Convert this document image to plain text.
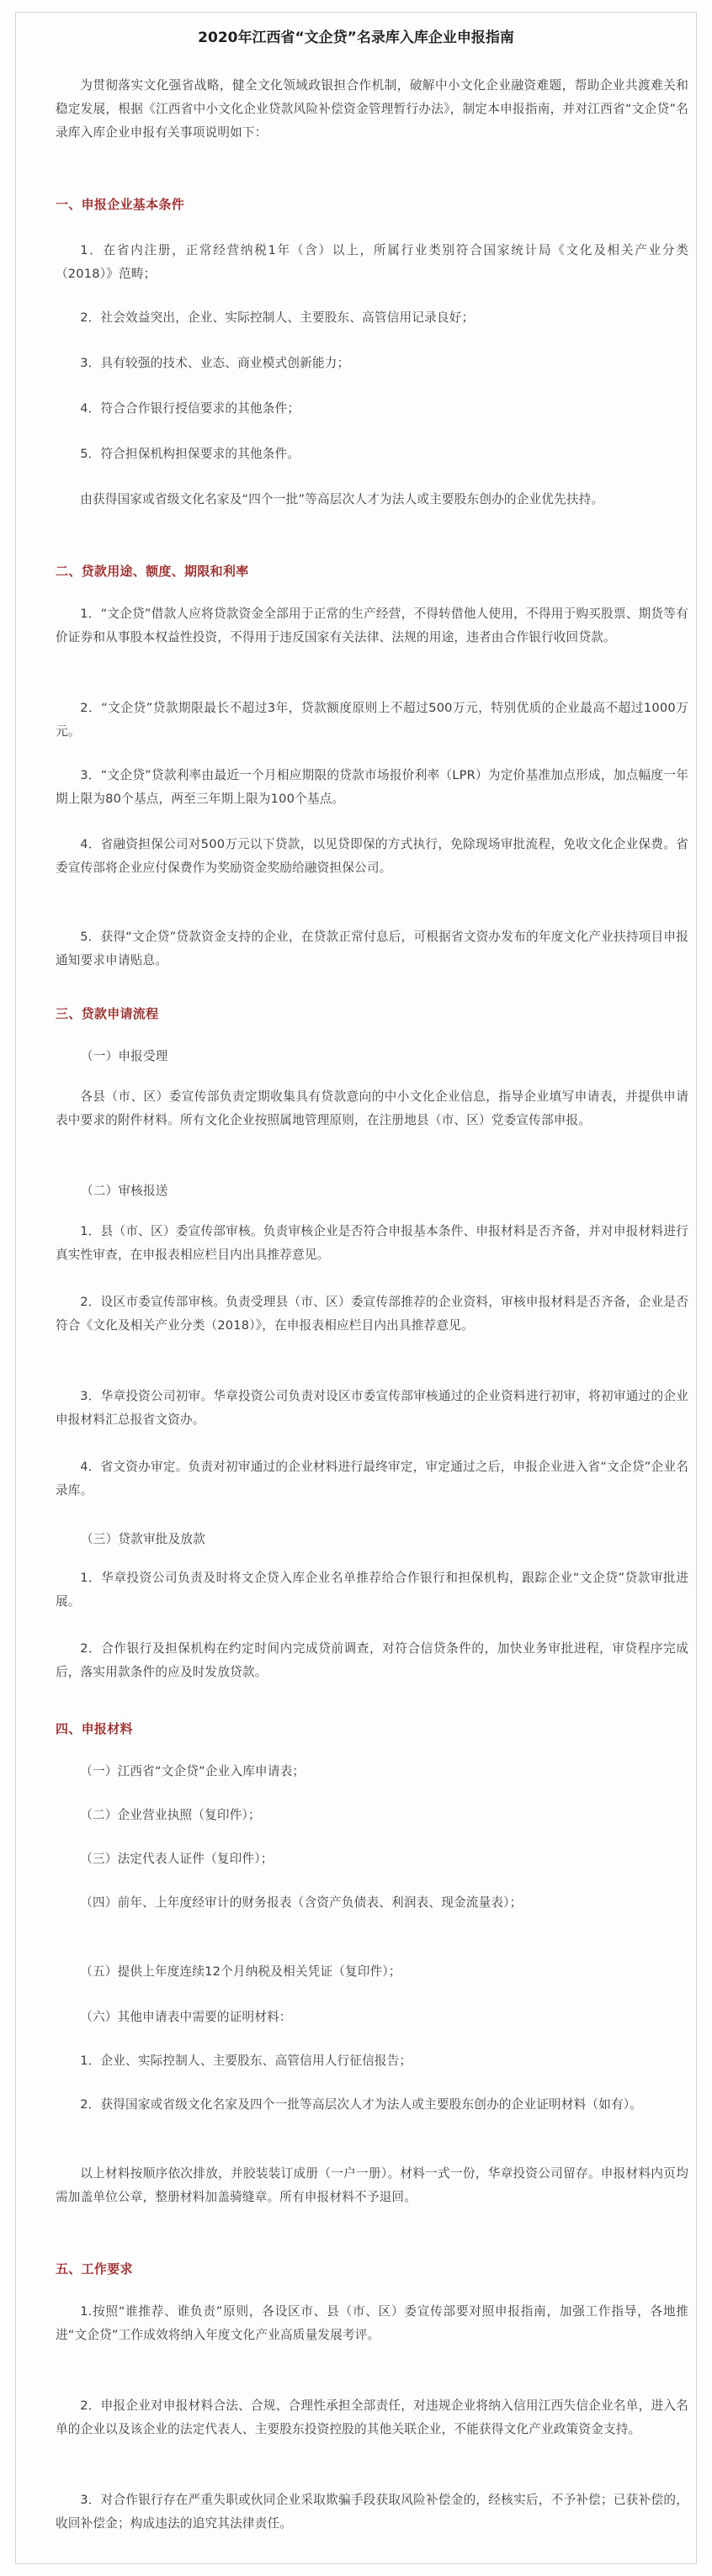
2020年江西省“文企贷”名录库入库企业申报指南
为贯彻落实文化强省战略，健全文化领域政银担合作机制，破解中小文化企业融资难题，帮助企业共渡难关和稳定发展，根据《江西省中小文化企业贷款风险补偿资金管理暂行办法》，制定本申报指南，并对江西省“文企贷”名录库入库企业申报有关事项说明如下：
一、申报企业基本条件
1．在省内注册，正常经营纳税1年（含）以上，所属行业类别符合国家统计局《文化及相关产业分类（2018）》范畴；
2．社会效益突出，企业、实际控制人、主要股东、高管信用记录良好；
3．具有较强的技术、业态、商业模式创新能力；
4．符合合作银行授信要求的其他条件；
5．符合担保机构担保要求的其他条件。
由获得国家或省级文化名家及“四个一批”等高层次人才为法人或主要股东创办的企业优先扶持。
二、贷款用途、额度、期限和利率
1．“文企贷”借款人应将贷款资金全部用于正常的生产经营，不得转借他人使用，不得用于购买股票、期货等有价证券和从事股本权益性投资，不得用于违反国家有关法律、法规的用途，违者由合作银行收回贷款。
2．“文企贷”贷款期限最长不超过3年，贷款额度原则上不超过500万元，特别优质的企业最高不超过1000万元。
3．“文企贷”贷款利率由最近一个月相应期限的贷款市场报价利率（LPR）为定价基准加点形成，加点幅度一年期上限为80个基点，两至三年期上限为100个基点。
4．省融资担保公司对500万元以下贷款，以见贷即保的方式执行，免除现场审批流程，免收文化企业保费。省委宣传部将企业应付保费作为奖励资金奖励给融资担保公司。
5．获得“文企贷”贷款资金支持的企业，在贷款正常付息后，可根据省文资办发布的年度文化产业扶持项目申报通知要求申请贴息。
三、贷款申请流程
（一）申报受理
各县（市、区）委宣传部负责定期收集具有贷款意向的中小文化企业信息，指导企业填写申请表，并提供申请表中要求的附件材料。所有文化企业按照属地管理原则，在注册地县（市、区）党委宣传部申报。
（二）审核报送
1．县（市、区）委宣传部审核。负责审核企业是否符合申报基本条件、申报材料是否齐备，并对申报材料进行真实性审查，在申报表相应栏目内出具推荐意见。
2．设区市委宣传部审核。负责受理县（市、区）委宣传部推荐的企业资料，审核申报材料是否齐备，企业是否符合《文化及相关产业分类（2018）》，在申报表相应栏目内出具推荐意见。
3．华章投资公司初审。华章投资公司负责对设区市委宣传部审核通过的企业资料进行初审，将初审通过的企业申报材料汇总报省文资办。
4．省文资办审定。负责对初审通过的企业材料进行最终审定，审定通过之后，申报企业进入省“文企贷”企业名录库。
（三）贷款审批及放款
1．华章投资公司负责及时将文企贷入库企业名单推荐给合作银行和担保机构，跟踪企业“文企贷”贷款审批进展。
2．合作银行及担保机构在约定时间内完成贷前调查，对符合信贷条件的，加快业务审批进程，审贷程序完成后，落实用款条件的应及时发放贷款。
四、申报材料
（一）江西省“文企贷”企业入库申请表；
（二）企业营业执照（复印件）；
（三）法定代表人证件（复印件）；
（四）前年、上年度经审计的财务报表（含资产负债表、利润表、现金流量表）；
（五）提供上年度连续12个月纳税及相关凭证（复印件）；
（六）其他申请表中需要的证明材料：
1．企业、实际控制人、主要股东、高管信用人行征信报告；
2．获得国家或省级文化名家及四个一批等高层次人才为法人或主要股东创办的企业证明材料（如有）。
以上材料按顺序依次排放，并胶装装订成册（一户一册）。材料一式一份，华章投资公司留存。申报材料内页均需加盖单位公章，整册材料加盖骑缝章。所有申报材料不予退回。
五、工作要求
1.按照“谁推荐、谁负责”原则，各设区市、县（市、区）委宣传部要对照申报指南，加强工作指导，各地推进“文企贷”工作成效将纳入年度文化产业高质量发展考评。
2．申报企业对申报材料合法、合规、合理性承担全部责任，对违规企业将纳入信用江西失信企业名单，进入名单的企业以及该企业的法定代表人、主要股东投资控股的其他关联企业，不能获得文化产业政策资金支持。
3．对合作银行存在严重失职或伙同企业采取欺骗手段获取风险补偿金的，经核实后，不予补偿；已获补偿的，收回补偿金；构成违法的追究其法律责任。
